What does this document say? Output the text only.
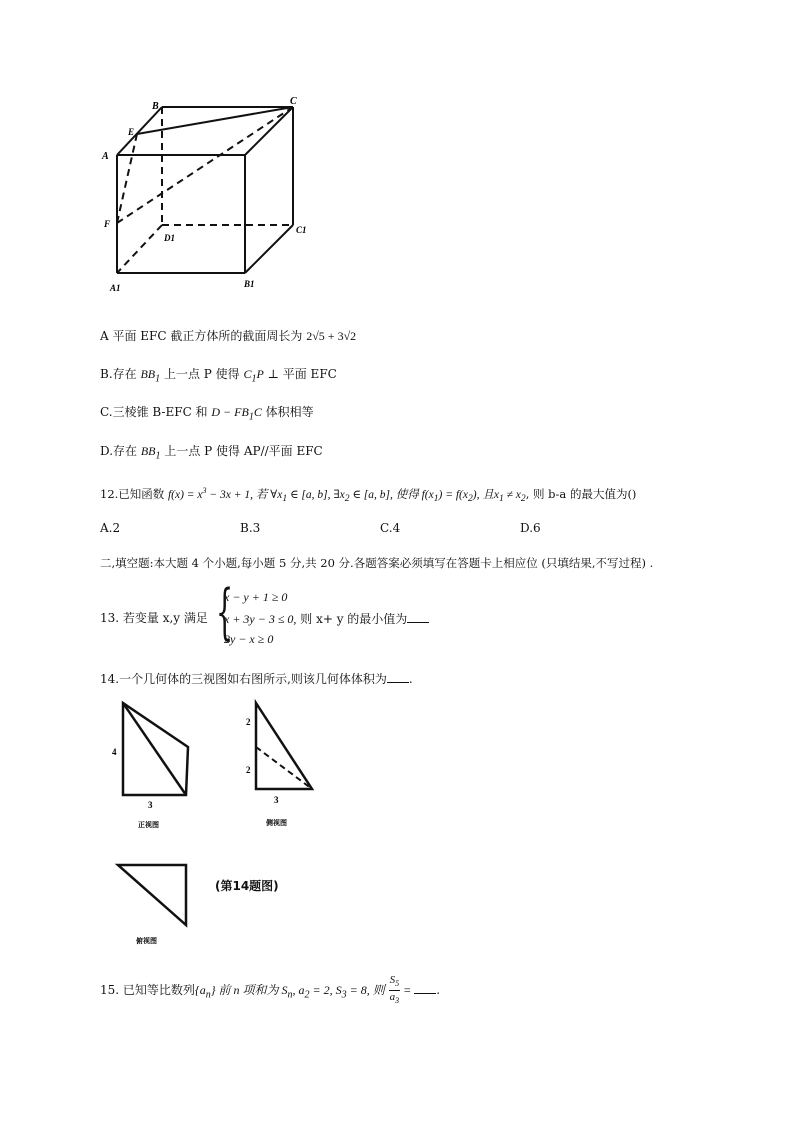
B	C
E
A
F
D1
C1
A1	B1
A 平面 EFC 截正方体所的截面周长为 2√5 + 3√2
B.存在 $BB_1$ 上一点 P 使得 $C_1P$ ⊥ 平面 EFC
C.三棱锥 B-EFC 和 $D - FB_1C$ 体积相等
D.存在 $BB_1$ 上一点 P 使得 AP//平面 EFC
12.已知函数 $f(x) = x^3 - 3x + 1$, 若 $\forall x_1$ ∈ [a, b], $\exists x_2$ ∈ [a, b], 使得 $f(x_1) = f(x_2)$, 且$x_1 \ne x_2$, 则 b-a 的最大值为()
A.2	B.3	C.4	D.6
二,填空题:本大题 4 个小题,每小题 5 分,共 20 分.各题答案必须填写在答题卡上相应位 (只填结果,不写过程) .
13. 若变量 x,y 满足 {
x − y + 1 ≥ 0
x + 3y − 3 ≤ 0, 则 x+ y 的最小值为
2y − x ≥ 0
14.一个几何体的三视图如右图所示,则该几何体体积为 .
4
3
正视图
2
2
3
侧视图
俯视图
(第14题图)
15. 已知等比数列$\{a_n\}$ 前 n 项和为 $S_n$, $a_2 = 2$, $S_3 = 8$, 则 $\frac{S_5}{a_3}$ = .
